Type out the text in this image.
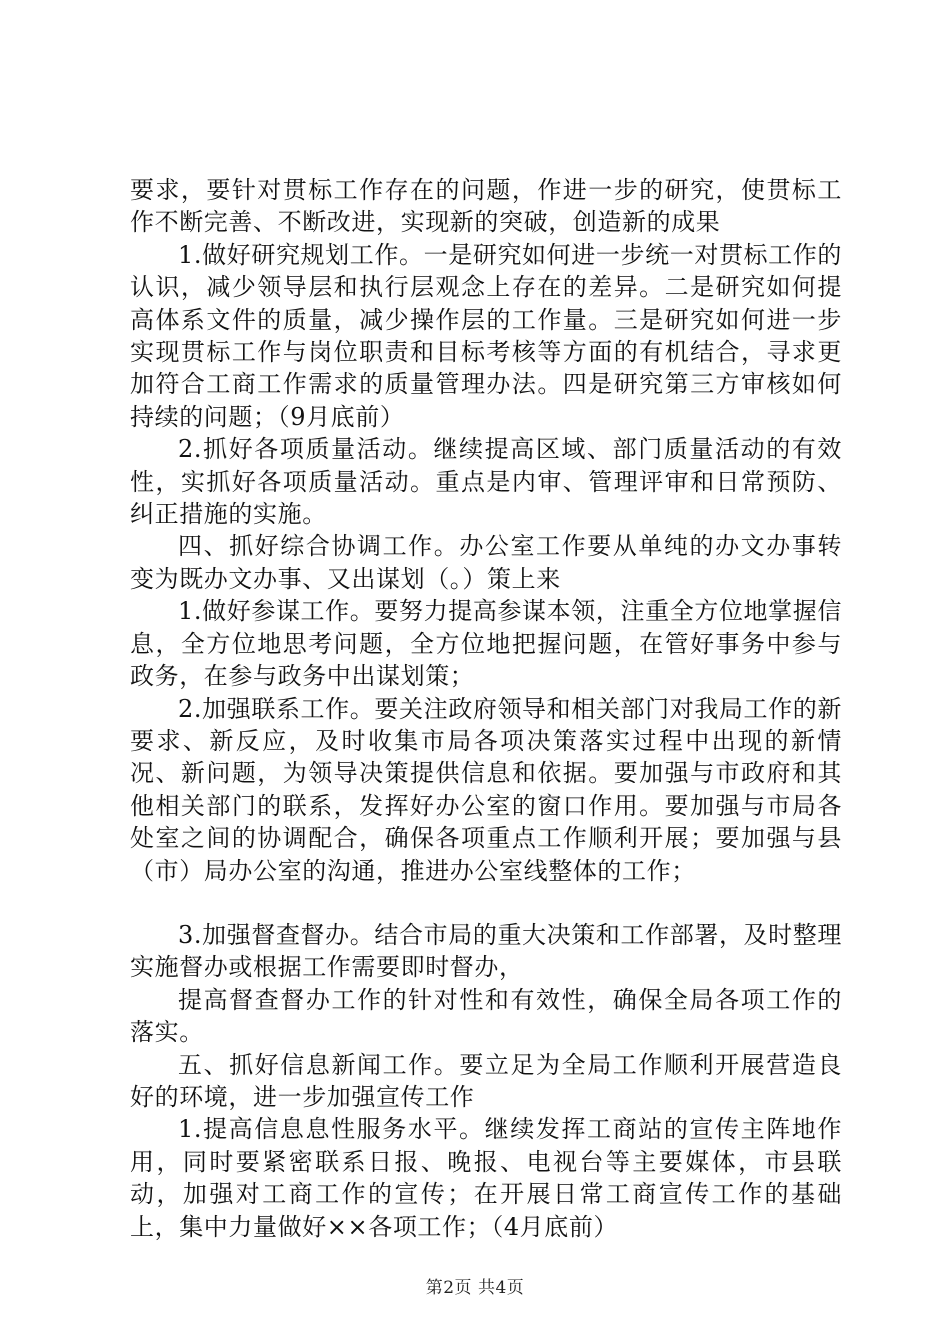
要求，要针对贯标工作存在的问题，作进一步的研究，使贯标工作不断完善、不断改进，实现新的突破，创造新的成果

1.做好研究规划工作。一是研究如何进一步统一对贯标工作的认识，减少领导层和执行层观念上存在的差异。二是研究如何提高体系文件的质量，减少操作层的工作量。三是研究如何进一步实现贯标工作与岗位职责和目标考核等方面的有机结合，寻求更加符合工商工作需求的质量管理办法。四是研究第三方审核如何持续的问题；（9月底前）

2.抓好各项质量活动。继续提高区域、部门质量活动的有效性，实抓好各项质量活动。重点是内审、管理评审和日常预防、纠正措施的实施。

四、抓好综合协调工作。办公室工作要从单纯的办文办事转变为既办文办事、又出谋划（。）策上来

1.做好参谋工作。要努力提高参谋本领，注重全方位地掌握信息，全方位地思考问题，全方位地把握问题，在管好事务中参与政务，在参与政务中出谋划策；

2.加强联系工作。要关注政府领导和相关部门对我局工作的新要求、新反应，及时收集市局各项决策落实过程中出现的新情况、新问题，为领导决策提供信息和依据。要加强与市政府和其他相关部门的联系，发挥好办公室的窗口作用。要加强与市局各处室之间的协调配合，确保各项重点工作顺利开展；要加强与县（市）局办公室的沟通，推进办公室线整体的工作；

3.加强督查督办。结合市局的重大决策和工作部署，及时整理实施督办或根据工作需要即时督办，

提高督查督办工作的针对性和有效性，确保全局各项工作的落实。

五、抓好信息新闻工作。要立足为全局工作顺利开展营造良好的环境，进一步加强宣传工作

1.提高信息息性服务水平。继续发挥工商站的宣传主阵地作用，同时要紧密联系日报、晚报、电视台等主要媒体，市县联动，加强对工商工作的宣传；在开展日常工商宣传工作的基础上，集中力量做好××各项工作；（4月底前）

第2页 共4页
